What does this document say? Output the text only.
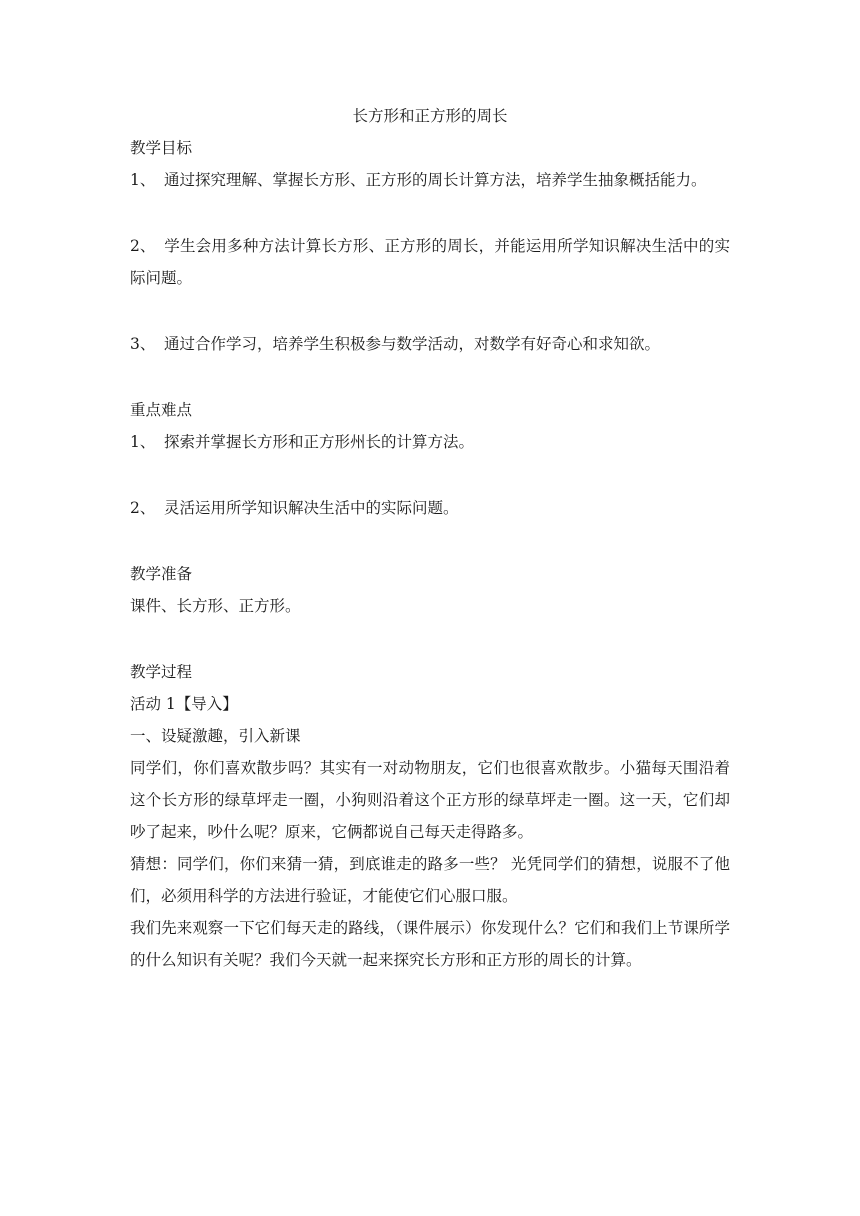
长方形和正方形的周长

教学目标

1、 通过探究理解、掌握长方形、正方形的周长计算方法，培养学生抽象概括能力。

2、 学生会用多种方法计算长方形、正方形的周长，并能运用所学知识解决生活中的实际问题。

3、 通过合作学习，培养学生积极参与数学活动，对数学有好奇心和求知欲。

重点难点

1、 探索并掌握长方形和正方形州长的计算方法。

2、 灵活运用所学知识解决生活中的实际问题。

教学准备

课件、长方形、正方形。

教学过程

活动 1【导入】

一、设疑激趣，引入新课

同学们，你们喜欢散步吗？其实有一对动物朋友，它们也很喜欢散步。小猫每天围沿着这个长方形的绿草坪走一圈，小狗则沿着这个正方形的绿草坪走一圈。这一天，它们却吵了起来，吵什么呢？原来，它俩都说自己每天走得路多。

猜想：同学们，你们来猜一猜，到底谁走的路多一些？ 光凭同学们的猜想，说服不了他们，必须用科学的方法进行验证，才能使它们心服口服。

我们先来观察一下它们每天走的路线，（课件展示）你发现什么？它们和我们上节课所学的什么知识有关呢？我们今天就一起来探究长方形和正方形的周长的计算。
